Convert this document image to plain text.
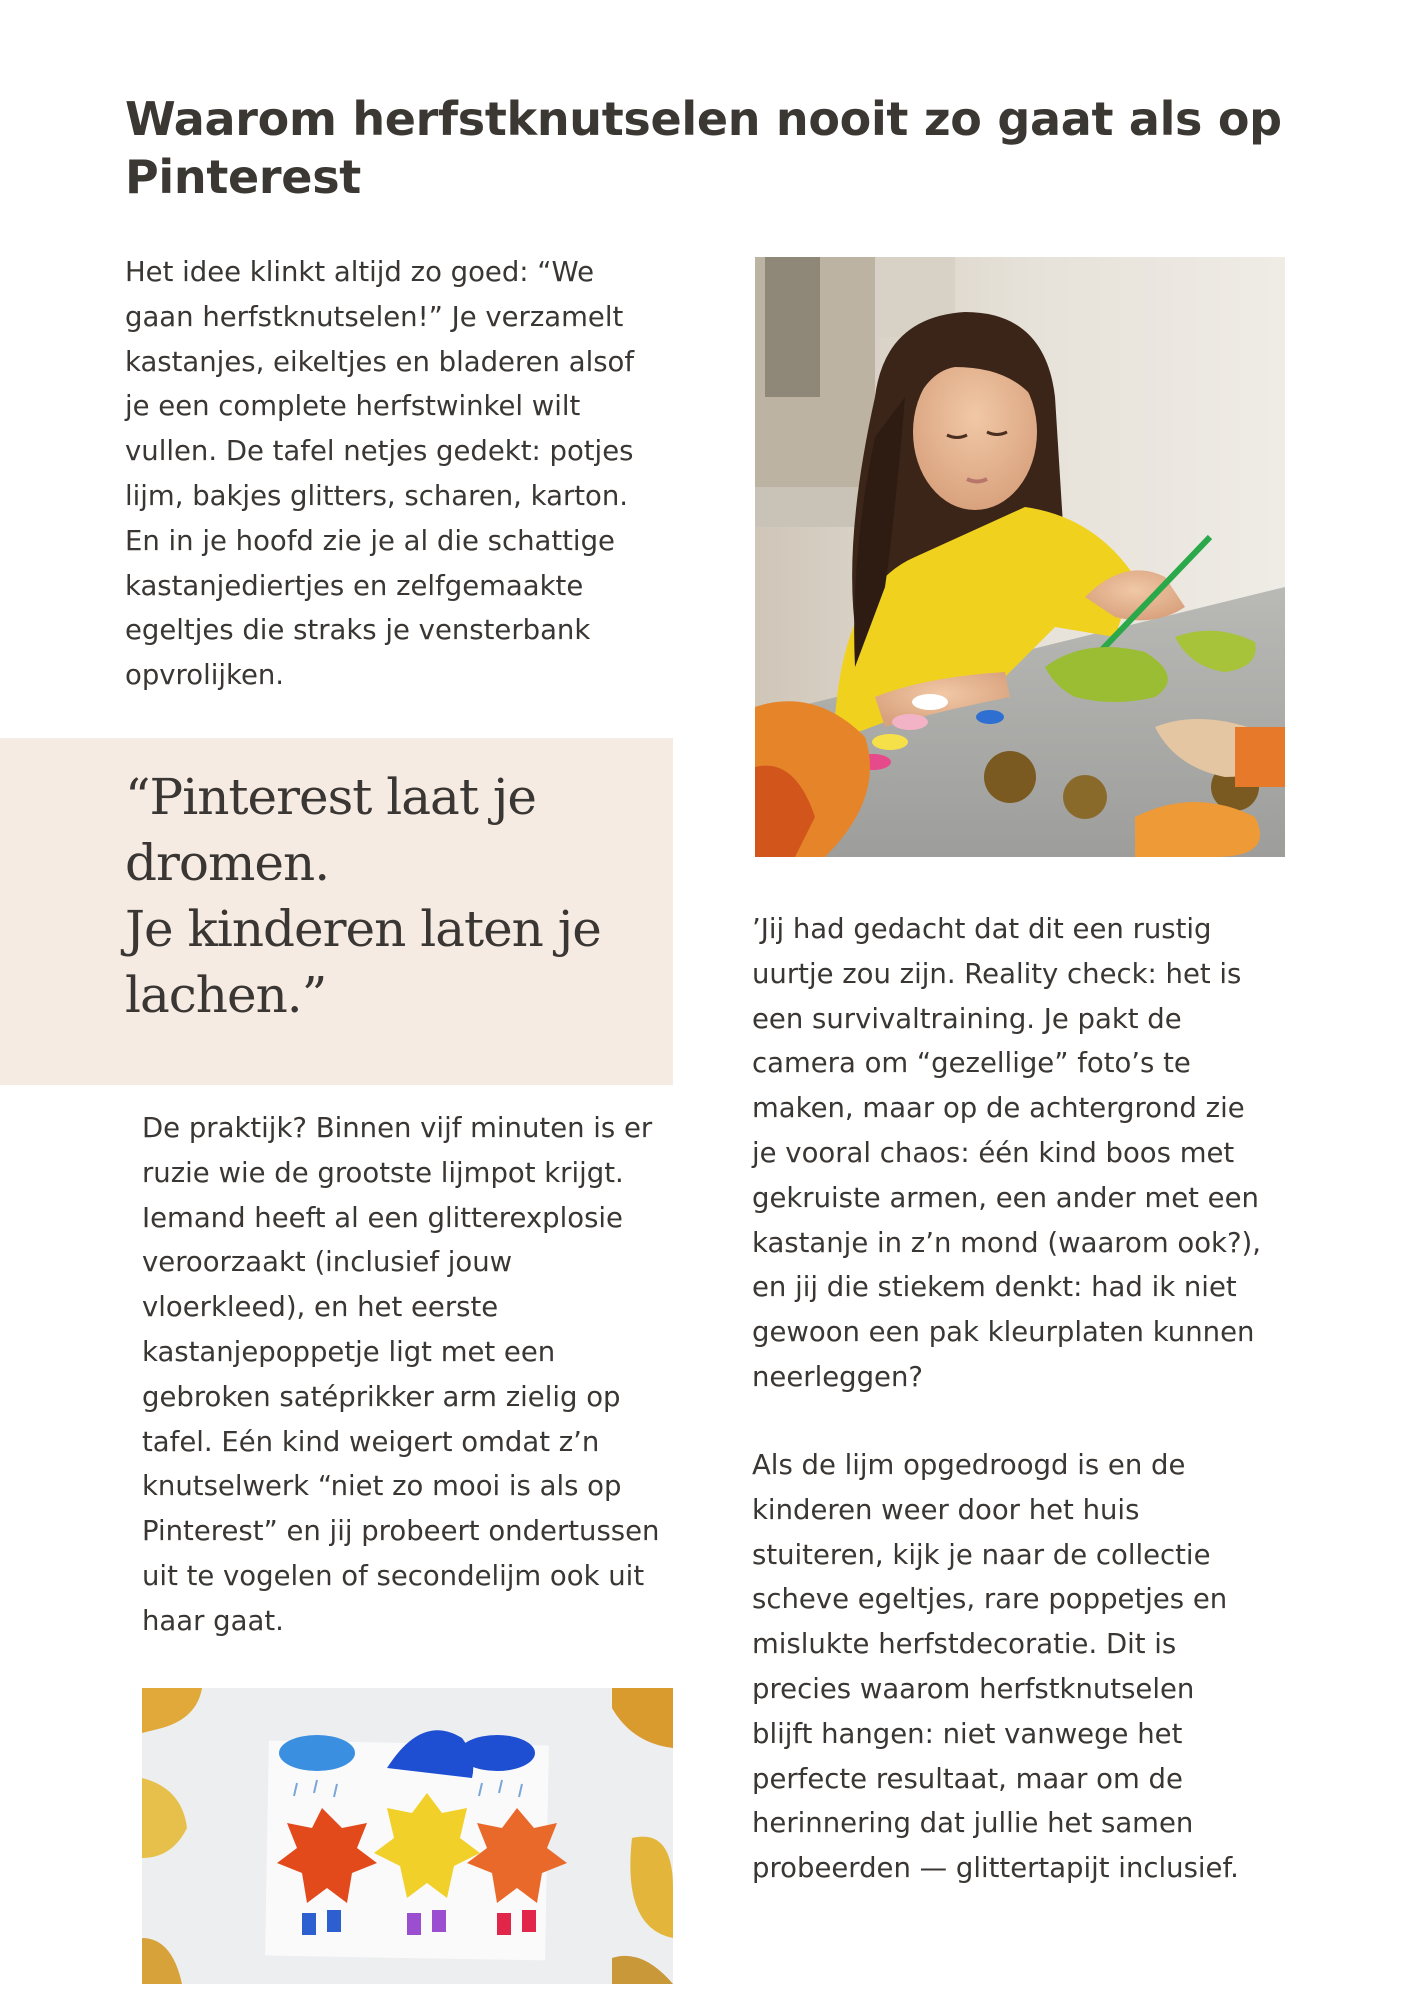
Waarom herfstknutselen nooit zo gaat als op Pinterest

Het idee klinkt altijd zo goed: “We
gaan herfstknutselen!” Je verzamelt
kastanjes, eikeltjes en bladeren alsof
je een complete herfstwinkel wilt
vullen. De tafel netjes gedekt: potjes
lijm, bakjes glitters, scharen, karton.
En in je hoofd zie je al die schattige
kastanjediertjes en zelfgemaakte
egeltjes die straks je vensterbank
opvrolijken.

“Pinterest laat je
dromen.
Je kinderen laten je
lachen.”

De praktijk? Binnen vijf minuten is er
ruzie wie de grootste lijmpot krijgt.
Iemand heeft al een glitterexplosie
veroorzaakt (inclusief jouw
vloerkleed), en het eerste
kastanjepoppetje ligt met een
gebroken satéprikker arm zielig op
tafel. Eén kind weigert omdat z’n
knutselwerk “niet zo mooi is als op
Pinterest” en jij probeert ondertussen
uit te vogelen of secondelijm ook uit
haar gaat.

’Jij had gedacht dat dit een rustig
uurtje zou zijn. Reality check: het is
een survivaltraining. Je pakt de
camera om “gezellige” foto’s te
maken, maar op de achtergrond zie
je vooral chaos: één kind boos met
gekruiste armen, een ander met een
kastanje in z’n mond (waarom ook?),
en jij die stiekem denkt: had ik niet
gewoon een pak kleurplaten kunnen
neerleggen?

Als de lijm opgedroogd is en de
kinderen weer door het huis
stuiteren, kijk je naar de collectie
scheve egeltjes, rare poppetjes en
mislukte herfstdecoratie. Dit is
precies waarom herfstknutselen
blijft hangen: niet vanwege het
perfecte resultaat, maar om de
herinnering dat jullie het samen
probeerden — glittertapijt inclusief.
